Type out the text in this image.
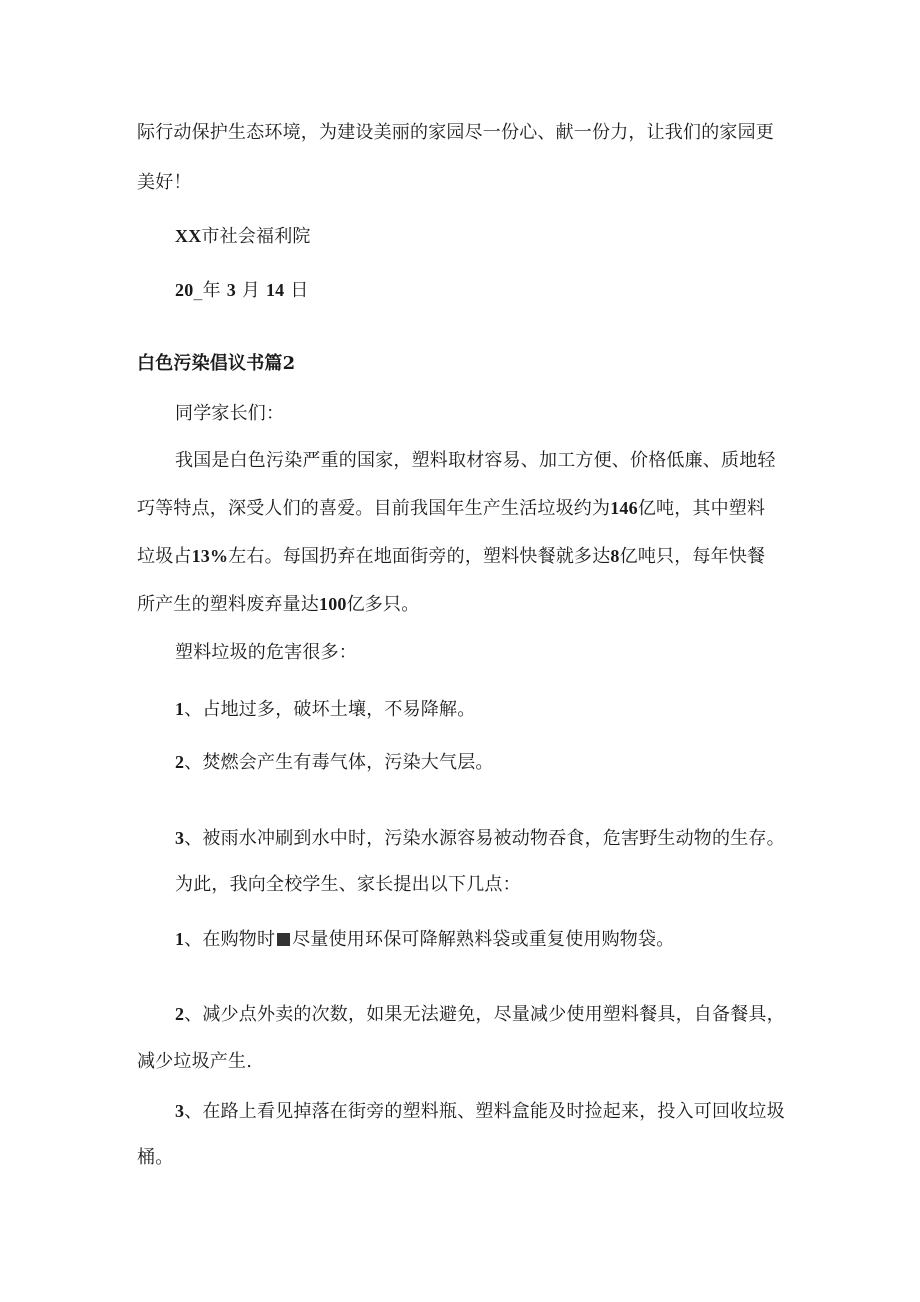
际行动保护生态环境，为建设美丽的家园尽一份心、献一份力，让我们的家园更
美好！
XX市社会福利院
20_年 3 月 14 日
白色污染倡议书篇2
同学家长们：
我国是白色污染严重的国家，塑料取材容易、加工方便、价格低廉、质地轻
巧等特点，深受人们的喜爱。目前我国年生产生活垃圾约为146亿吨，其中塑料
垃圾占13%左右。每国扔弃在地面街旁的，塑料快餐就多达8亿吨只，每年快餐
所产生的塑料废弃量达100亿多只。
塑料垃圾的危害很多：
1、占地过多，破坏土壤，不易降解。
2、焚燃会产生有毒气体，污染大气层。
3、被雨水冲刷到水中时，污染水源容易被动物吞食，危害野生动物的生存。
为此，我向全校学生、家长提出以下几点：
1、在购物时 尽量使用环保可降解熟料袋或重复使用购物袋。
2、减少点外卖的次数，如果无法避免，尽量减少使用塑料餐具，自备餐具，
减少垃圾产生.
3、在路上看见掉落在街旁的塑料瓶、塑料盒能及时捡起来，投入可回收垃圾
桶。
